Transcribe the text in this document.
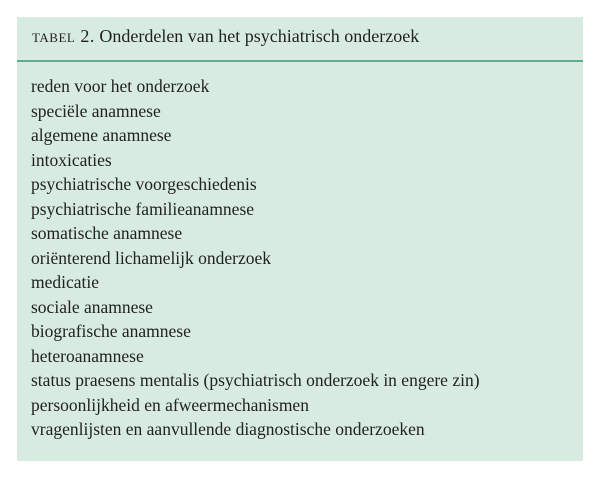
tabel 2. Onderdelen van het psychiatrisch onderzoek
reden voor het onderzoek
speciële anamnese
algemene anamnese
intoxicaties
psychiatrische voorgeschiedenis
psychiatrische familieanamnese
somatische anamnese
oriënterend lichamelijk onderzoek
medicatie
sociale anamnese
biografische anamnese
heteroanamnese
status praesens mentalis (psychiatrisch onderzoek in engere zin)
persoonlijkheid en afweermechanismen
vragenlijsten en aanvullende diagnostische onderzoeken
